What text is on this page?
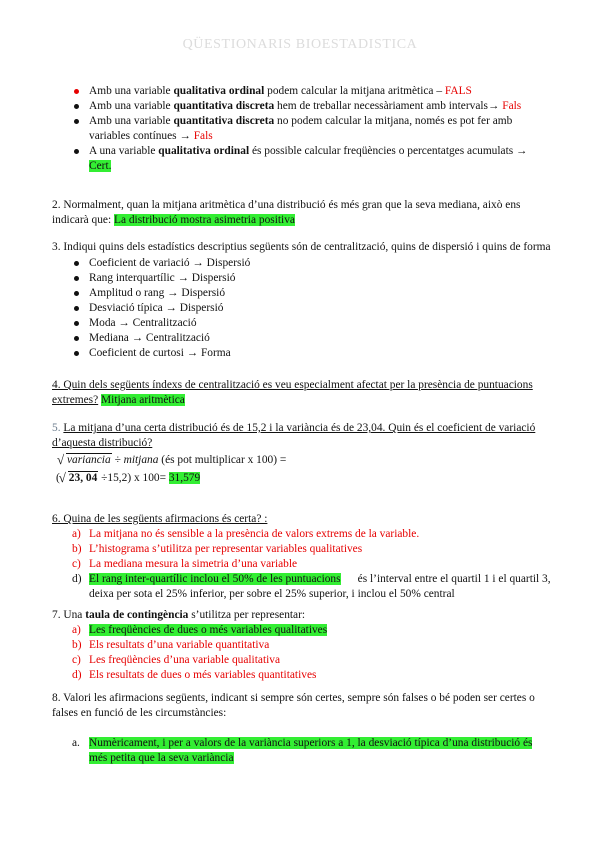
QÜESTIONARIS BIOESTADISTICA
Amb una variable qualitativa ordinal podem calcular la mitjana aritmètica – FALS
Amb una variable quantitativa discreta hem de treballar necessàriament amb intervals→ Fals
Amb una variable quantitativa discreta no podem calcular la mitjana, només es pot fer amb variables contínues → Fals
A una variable qualitativa ordinal és possible calcular freqüències o percentatges acumulats → Cert.
2. Normalment, quan la mitjana aritmètica d’una distribució és més gran que la seva mediana, això ens indicarà que: La distribució mostra asimetria positiva
3. Indiqui quins dels estadístics descriptius següents són de centralització, quins de dispersió i quins de forma
Coeficient de variació → Dispersió
Rang interquartílic → Dispersió
Amplitud o rang → Dispersió
Desviació típica → Dispersió
Moda → Centralització
Mediana → Centralització
Coeficient de curtosi → Forma
4. Quin dels següents índexs de centralització es veu especialment afectat per la presència de puntuacions extremes? Mitjana aritmètica
5. La mitjana d’una certa distribució és de 15,2 i la variància és de 23,04. Quin és el coeficient de variació d’aquesta distribució?
√ variancia ÷ mitjana (és pot multiplicar x 100) =
(√ 23, 04 ÷15,2) x 100= 31,579
6. Quina de les següents afirmacions és certa? :
a) La mitjana no és sensible a la presència de valors extrems de la variable.
b) L’histograma s’utilitza per representar variables qualitatives
c) La mediana mesura la simetria d’una variable
d) El rang inter-quartílic inclou el 50% de les puntuacions és l’interval entre el quartil 1 i el quartil 3, deixa per sota el 25% inferior, per sobre el 25% superior, i inclou el 50% central
7. Una taula de contingència s’utilitza per representar:
a) Les freqüències de dues o més variables qualitatives
b) Els resultats d’una variable quantitativa
c) Les freqüències d’una variable qualitativa
d) Els resultats de dues o més variables quantitatives
8. Valori les afirmacions següents, indicant si sempre són certes, sempre són falses o bé poden ser certes o falses en funció de les circumstàncies:
a. Numèricament, i per a valors de la variància superiors a 1, la desviació típica d’una distribució és més petita que la seva variància
